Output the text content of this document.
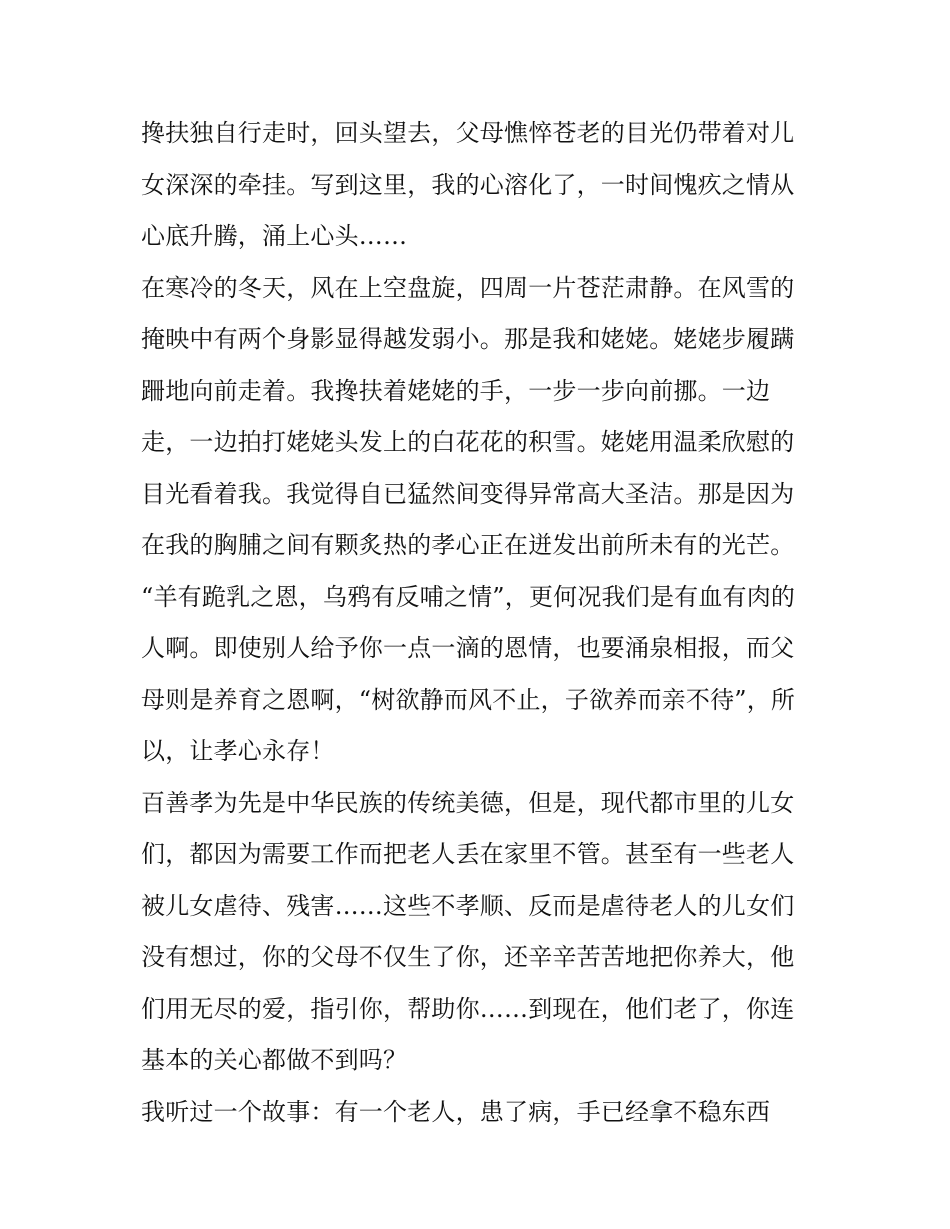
搀扶独自行走时，回头望去，父母憔悴苍老的目光仍带着对儿
女深深的牵挂。写到这里，我的心溶化了，一时间愧疚之情从
心底升腾，涌上心头……
在寒冷的冬天，风在上空盘旋，四周一片苍茫肃静。在风雪的
掩映中有两个身影显得越发弱小。那是我和姥姥。姥姥步履蹒
跚地向前走着。我搀扶着姥姥的手，一步一步向前挪。一边
走，一边拍打姥姥头发上的白花花的积雪。姥姥用温柔欣慰的
目光看着我。我觉得自已猛然间变得异常高大圣洁。那是因为
在我的胸脯之间有颗炙热的孝心正在迸发出前所未有的光芒。
“羊有跪乳之恩，乌鸦有反哺之情”，更何况我们是有血有肉的
人啊。即使别人给予你一点一滴的恩情，也要涌泉相报，而父
母则是养育之恩啊，“树欲静而风不止，子欲养而亲不待”，所
以，让孝心永存！
百善孝为先是中华民族的传统美德，但是，现代都市里的儿女
们，都因为需要工作而把老人丢在家里不管。甚至有一些老人
被儿女虐待、残害……这些不孝顺、反而是虐待老人的儿女们
没有想过，你的父母不仅生了你，还辛辛苦苦地把你养大，他
们用无尽的爱，指引你，帮助你……到现在，他们老了，你连
基本的关心都做不到吗？
我听过一个故事：有一个老人，患了病，手已经拿不稳东西
